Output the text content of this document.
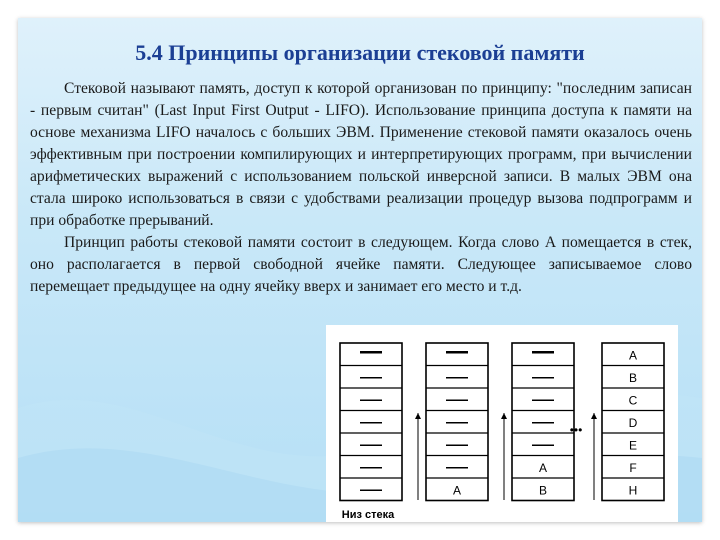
5.4 Принципы организации стековой памяти

Стековой называют память, доступ к которой организован по принципу: "последним записан - первым считан" (Last Input First Output - LIFO). Использование принципа доступа к памяти на основе механизма LIFO началось с больших ЭВМ. Применение стековой памяти оказалось очень эффективным при построении компилирующих и интерпретирующих программ, при вычислении арифметических выражений с использованием польской инверсной записи. В малых ЭВМ она стала широко использоваться в связи с удобствами реализации процедур вызова подпрограмм и при обработке прерываний.

Принцип работы стековой памяти состоит в следующем. Когда слово А помещается в стек, оно располагается в первой свободной ячейке памяти. Следующее записываемое слово перемещает предыдущее на одну ячейку вверх и занимает его место и т.д.

A
A
B
A
B
C
D
E
F
H
•••
Низ стека
